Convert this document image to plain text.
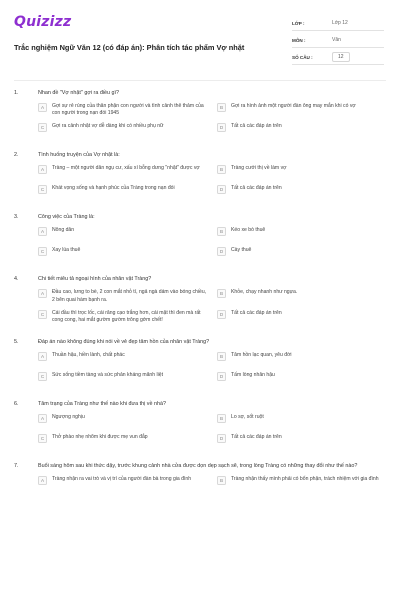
Quizizz
Trắc nghiệm Ngữ Văn 12 (có đáp án): Phân tích tác phẩm Vợ nhặt
LỚP :	Lớp 12
MÔN :	Văn
SỐ CÂU :	12
1.	Nhan đề "Vợ nhặt" gợi ra điều gì?
A	Gợi sự rẻ rúng của thân phận con người và tình cảnh thê thảm của con người trong nạn đói 1945
B	Gợi ra hình ảnh một người đàn ông may mắn khi có vợ
C	Gợi ra cảnh nhặt vợ dễ dàng khi có nhiều phụ nữ	D	Tất cả các đáp án trên
2.	Tình huống truyện của Vợ nhặt là:
A	Tràng – một người dân ngụ cư, xấu xí bỗng dưng "nhặt" được vợ	B	Tràng cưới thị về làm vợ
C	Khát vọng sống và hạnh phúc của Tràng trong nạn đói	D	Tất cả các đáp án trên
3.	Công việc của Tràng là:
A	Nông dân	B	Kéo xe bò thuê
C	Xay lúa thuê	D	Cày thuê
4.	Chi tiết miêu tả ngoại hình của nhân vật Tràng?
A	Đầu cao, lưng to bè, 2 con mắt nhỏ tí, ngả ngà dám vào bóng chiều, 2 bên quai hàm bạnh ra.
B	Khỏe, chạy nhanh như ngựa.
C	Cái đầu thì trọc lốc, cái răng cạo trắng hơn, cái mặt thì đen mà rất cong cong, hai mắt gườm gườm trông gớm chết!
D	Tất cả các đáp án trên
5.	Đáp án nào không đúng khi nói về vẻ đẹp tâm hồn của nhân vật Tràng?
A	Thuần hậu, hiền lành, chất phác	B	Tâm hồn lạc quan, yêu đời
C	Sức sống tiềm tàng và sức phản kháng mãnh liệt	D	Tấm lòng nhân hậu
6.	Tâm trạng của Tràng như thế nào khi đưa thị về nhà?
A	Ngượng nghịu	B	Lo sợ, sốt ruột
C	Thở phào nhẹ nhõm khi được mẹ vun đắp	D	Tất cả các đáp án trên
7.	Buổi sáng hôm sau khi thức dậy, trước khung cảnh nhà cửa được dọn dẹp sạch sẽ, trong lòng Tràng có những thay đổi như thế nào?
A	Tràng nhận ra vai trò và vị trí của người đàn bà trong gia đình	B	Tràng nhận thấy mình phải có bổn phận, trách nhiệm với gia đình
